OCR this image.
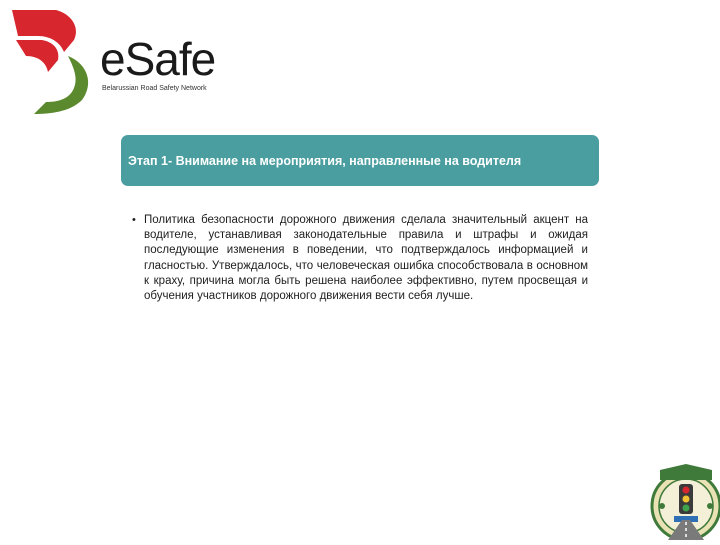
eSafe
Belarussian Road Safety Network
Этап 1- Внимание на мероприятия, направленные на водителя
• Политика безопасности дорожного движения сделала значительный акцент на водителе, устанавливая законодательные правила и штрафы и ожидая последующие изменения в поведении, что подтверждалось информацией и гласностью. Утверждалось, что человеческая ошибка способствовала в основном к краху, причина могла быть решена наиболее эффективно, путем просвещая и обучения участников дорожного движения вести себя лучше.
